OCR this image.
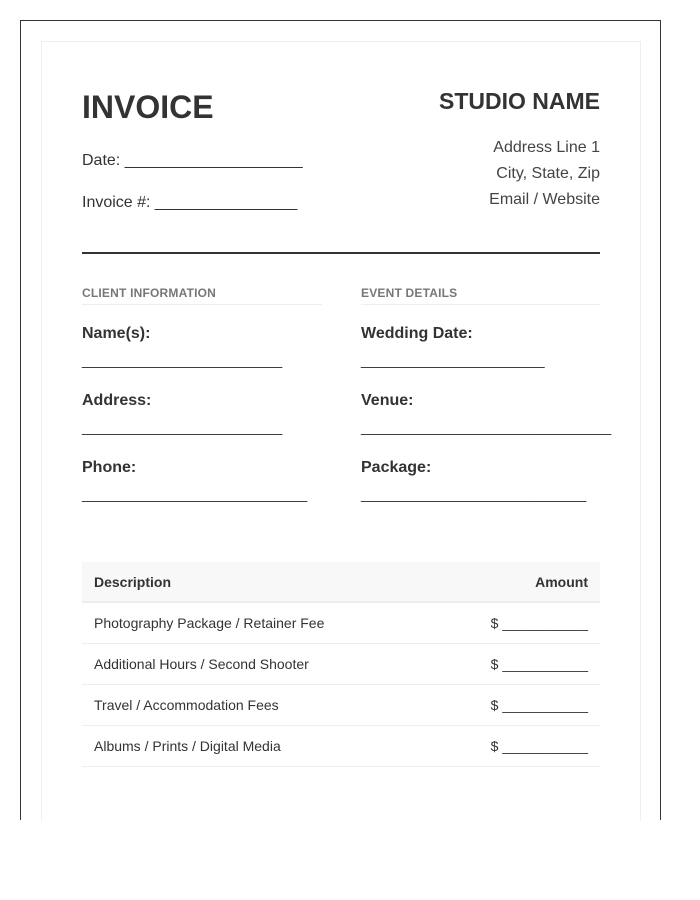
INVOICE	STUDIO NAME
Date: ____________________
Invoice #: ________________
Address Line 1
City, State, Zip
Email / Website
CLIENT INFORMATION
Name(s):
________________________
Address:
________________________
Phone:
___________________________
EVENT DETAILS
Wedding Date:
______________________
Venue:
______________________________
Package:
___________________________
Description	Amount
Photography Package / Retainer Fee	$ ___________
Additional Hours / Second Shooter	$ ___________
Travel / Accommodation Fees	$ ___________
Albums / Prints / Digital Media	$ ___________
